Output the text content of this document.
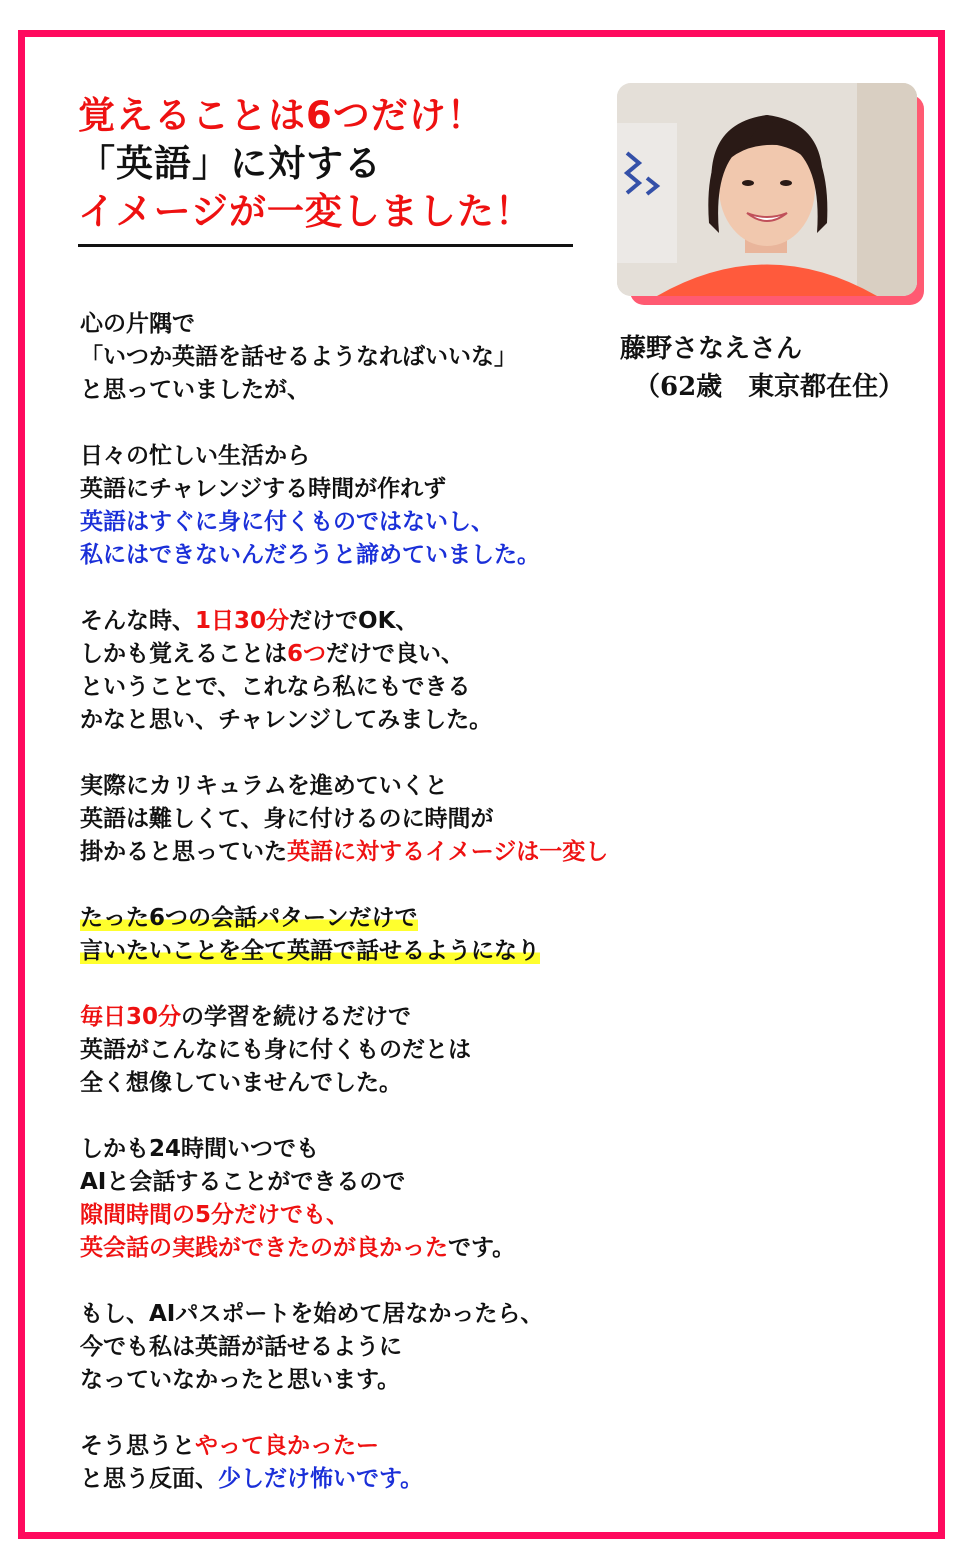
覚えることは6つだけ！
「英語」に対する
イメージが一変しました！
藤野さなえさん
（62歳　東京都在住）
心の片隅で
「いつか英語を話せるようなればいいな」
と思っていましたが、
日々の忙しい生活から
英語にチャレンジする時間が作れず
英語はすぐに身に付くものではないし、
私にはできないんだろうと諦めていました。
そんな時、1日30分だけでOK、
しかも覚えることは6つだけで良い、
ということで、これなら私にもできる
かなと思い、チャレンジしてみました。
実際にカリキュラムを進めていくと
英語は難しくて、身に付けるのに時間が
掛かると思っていた英語に対するイメージは一変し
たった6つの会話パターンだけで
言いたいことを全て英語で話せるようになり
毎日30分の学習を続けるだけで
英語がこんなにも身に付くものだとは
全く想像していませんでした。
しかも24時間いつでも
AIと会話することができるので
隙間時間の5分だけでも、
英会話の実践ができたのが良かったです。
もし、AIパスポートを始めて居なかったら、
今でも私は英語が話せるように
なっていなかったと思います。
そう思うとやって良かったー
と思う反面、少しだけ怖いです。
